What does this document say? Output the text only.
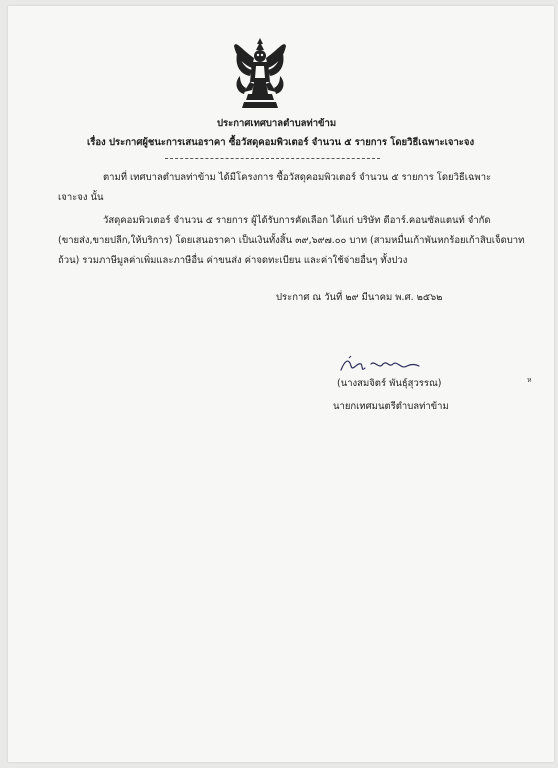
ประกาศเทศบาลตำบลท่าข้าม
เรื่อง ประกาศผู้ชนะการเสนอราคา ซื้อวัสดุคอมพิวเตอร์ จำนวน ๕ รายการ โดยวิธีเฉพาะเจาะจง
ตามที่ เทศบาลตำบลท่าข้าม ได้มีโครงการ ซื้อวัสดุคอมพิวเตอร์ จำนวน ๕ รายการ โดยวิธีเฉพาะ
เจาะจง นั้น
วัสดุคอมพิวเตอร์ จำนวน ๕ รายการ ผู้ได้รับการคัดเลือก ได้แก่ บริษัท ดีอาร์.คอนซัลแตนท์ จำกัด
(ขายส่ง,ขายปลีก,ให้บริการ) โดยเสนอราคา เป็นเงินทั้งสิ้น ๓๙,๖๙๗.๐๐ บาท (สามหมื่นเก้าพันหกร้อยเก้าสิบเจ็ดบาท
ถ้วน) รวมภาษีมูลค่าเพิ่มและภาษีอื่น ค่าขนส่ง ค่าจดทะเบียน และค่าใช้จ่ายอื่นๆ ทั้งปวง
ประกาศ ณ วันที่ ๒๙ มีนาคม พ.ศ. ๒๕๖๒
(นางสมจิตร์ พันธุ์สุวรรณ)
นายกเทศมนตรีตำบลท่าข้าม
ห
